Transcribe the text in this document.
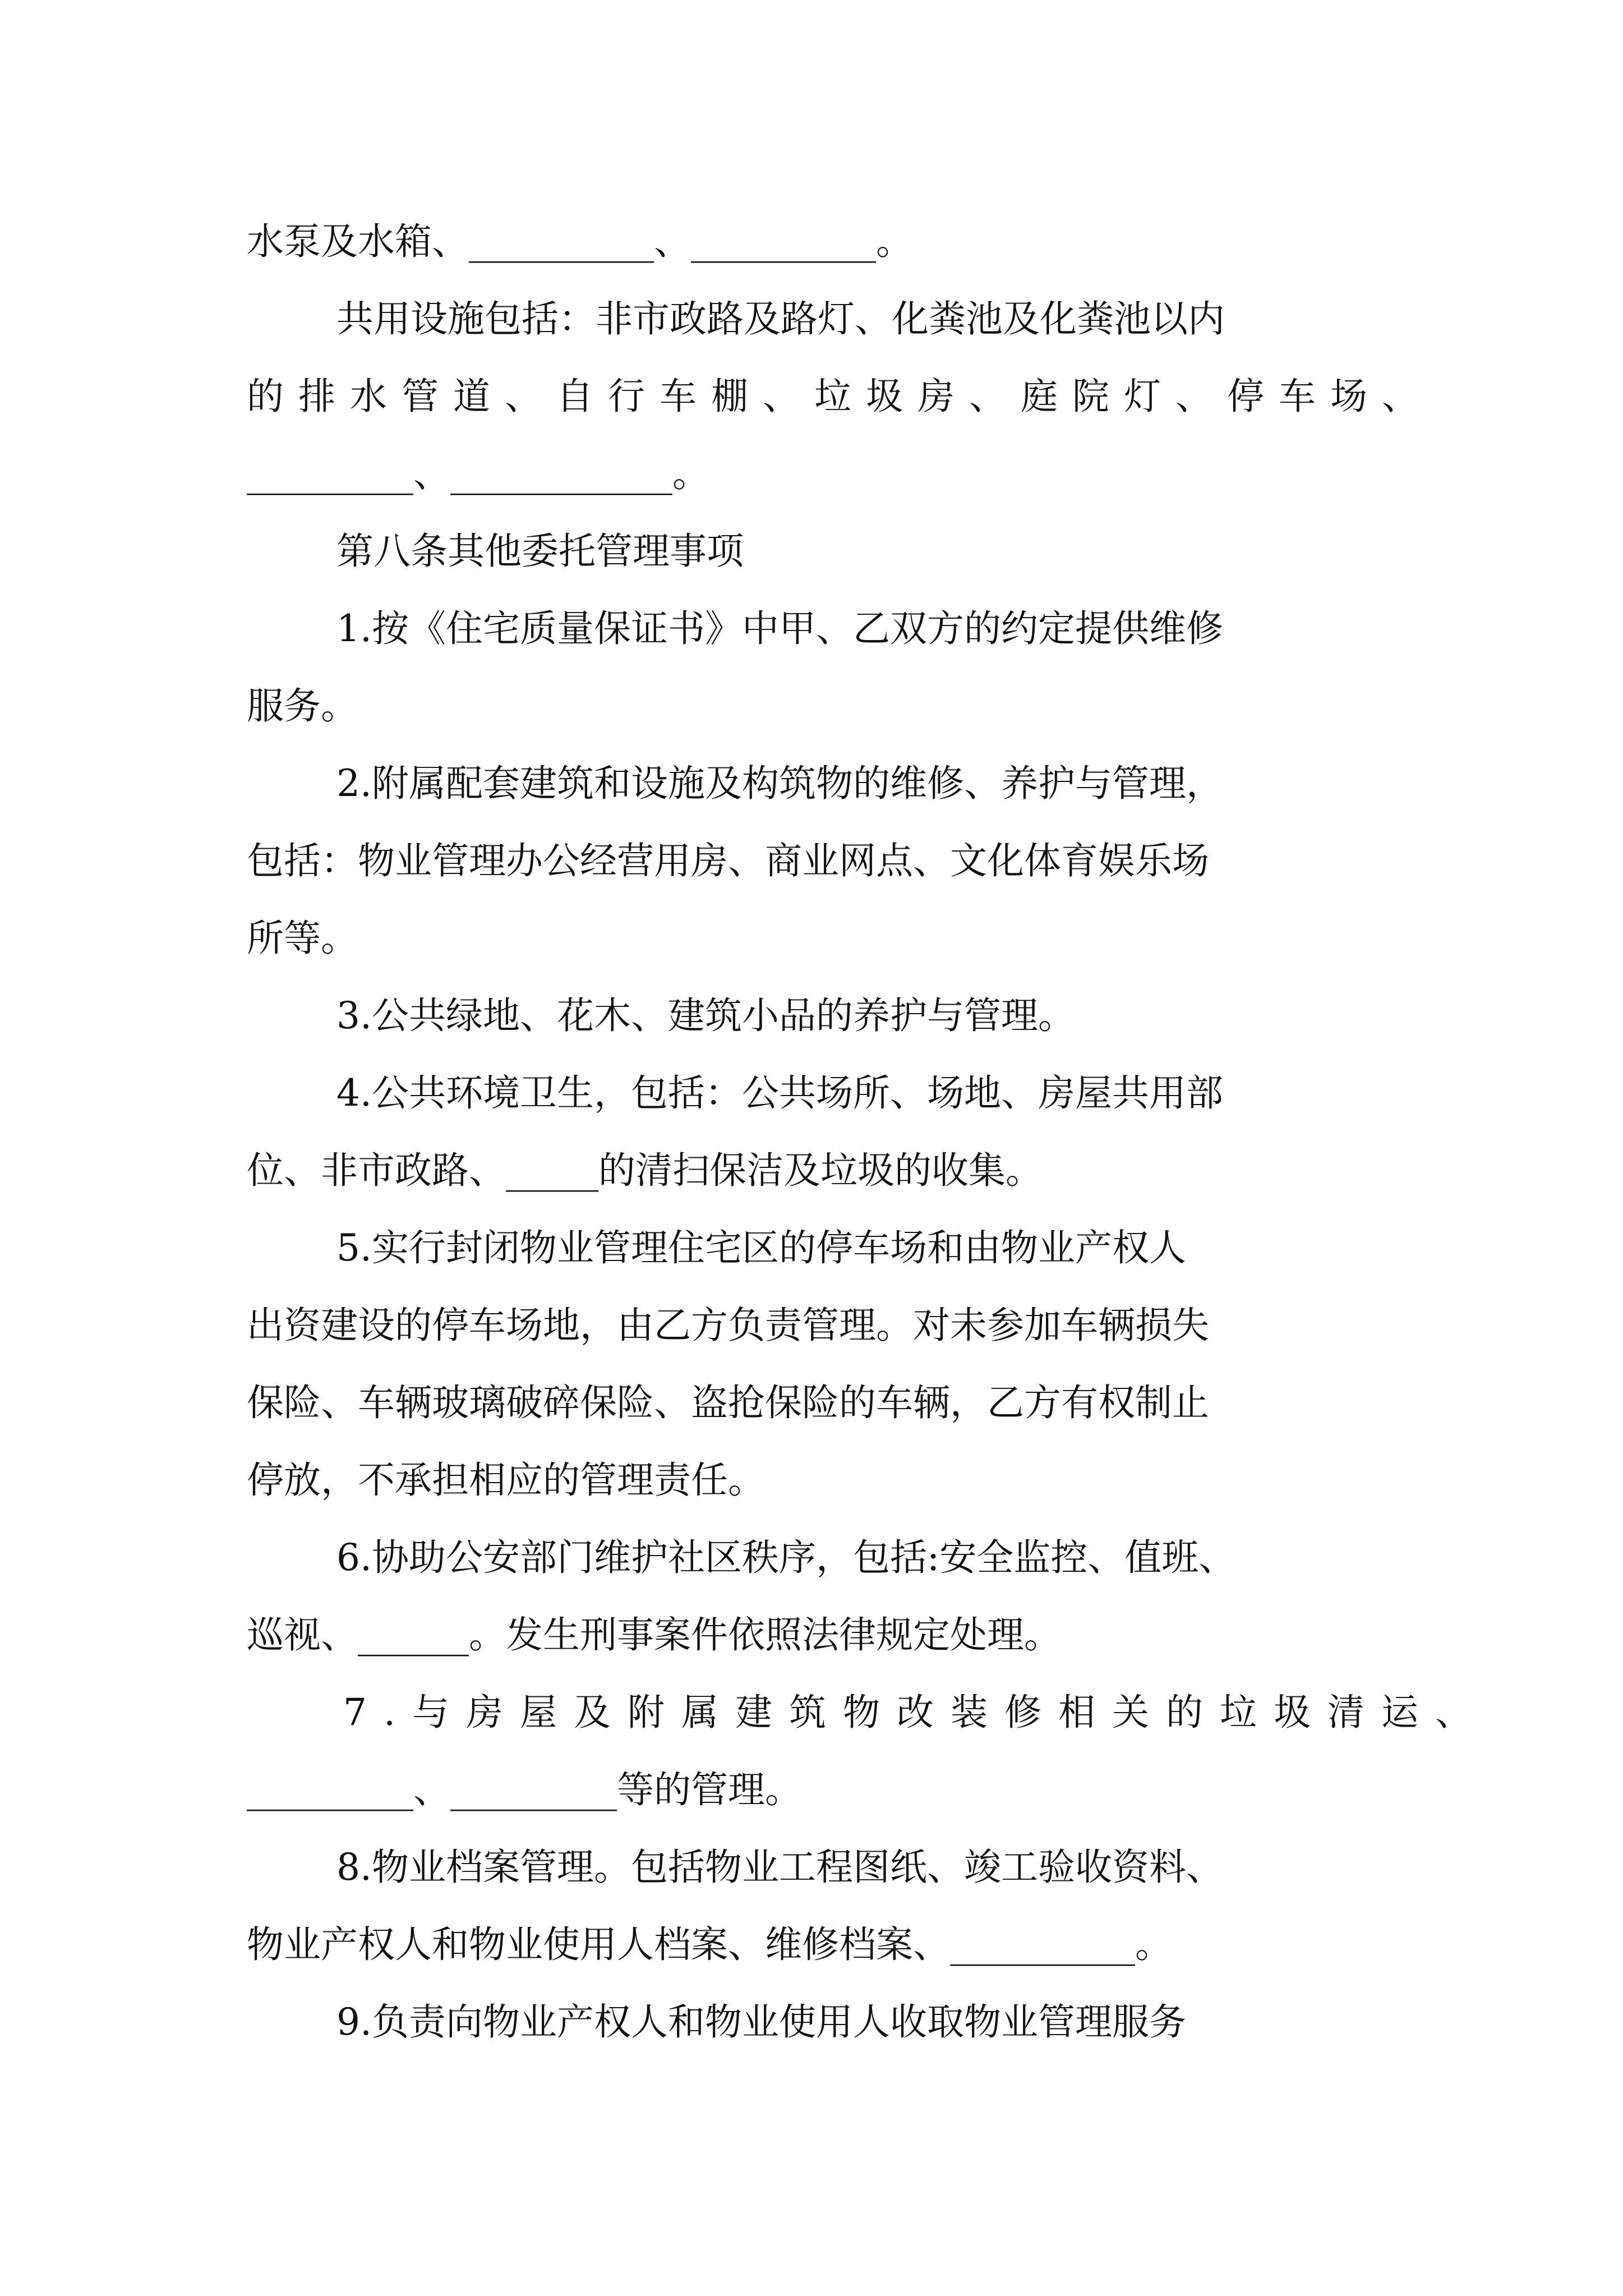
水泵及水箱、__________、__________。
共用设施包括：非市政路及路灯、化粪池及化粪池以内
的排水管道、自行车棚、垃圾房、庭院灯、停车场、
_________、____________。
第八条其他委托管理事项
1.按《住宅质量保证书》中甲、乙双方的约定提供维修
服务。
2.附属配套建筑和设施及构筑物的维修、养护与管理，
包括：物业管理办公经营用房、商业网点、文化体育娱乐场
所等。
3.公共绿地、花木、建筑小品的养护与管理。
4.公共环境卫生，包括：公共场所、场地、房屋共用部
位、非市政路、_____的清扫保洁及垃圾的收集。
5.实行封闭物业管理住宅区的停车场和由物业产权人
出资建设的停车场地，由乙方负责管理。对未参加车辆损失
保险、车辆玻璃破碎保险、盗抢保险的车辆，乙方有权制止
停放，不承担相应的管理责任。
6.协助公安部门维护社区秩序，包括:安全监控、值班、
巡视、______。发生刑事案件依照法律规定处理。
7.与房屋及附属建筑物改装修相关的垃圾清运、
_________、_________等的管理。
8.物业档案管理。包括物业工程图纸、竣工验收资料、
物业产权人和物业使用人档案、维修档案、__________。
9.负责向物业产权人和物业使用人收取物业管理服务
